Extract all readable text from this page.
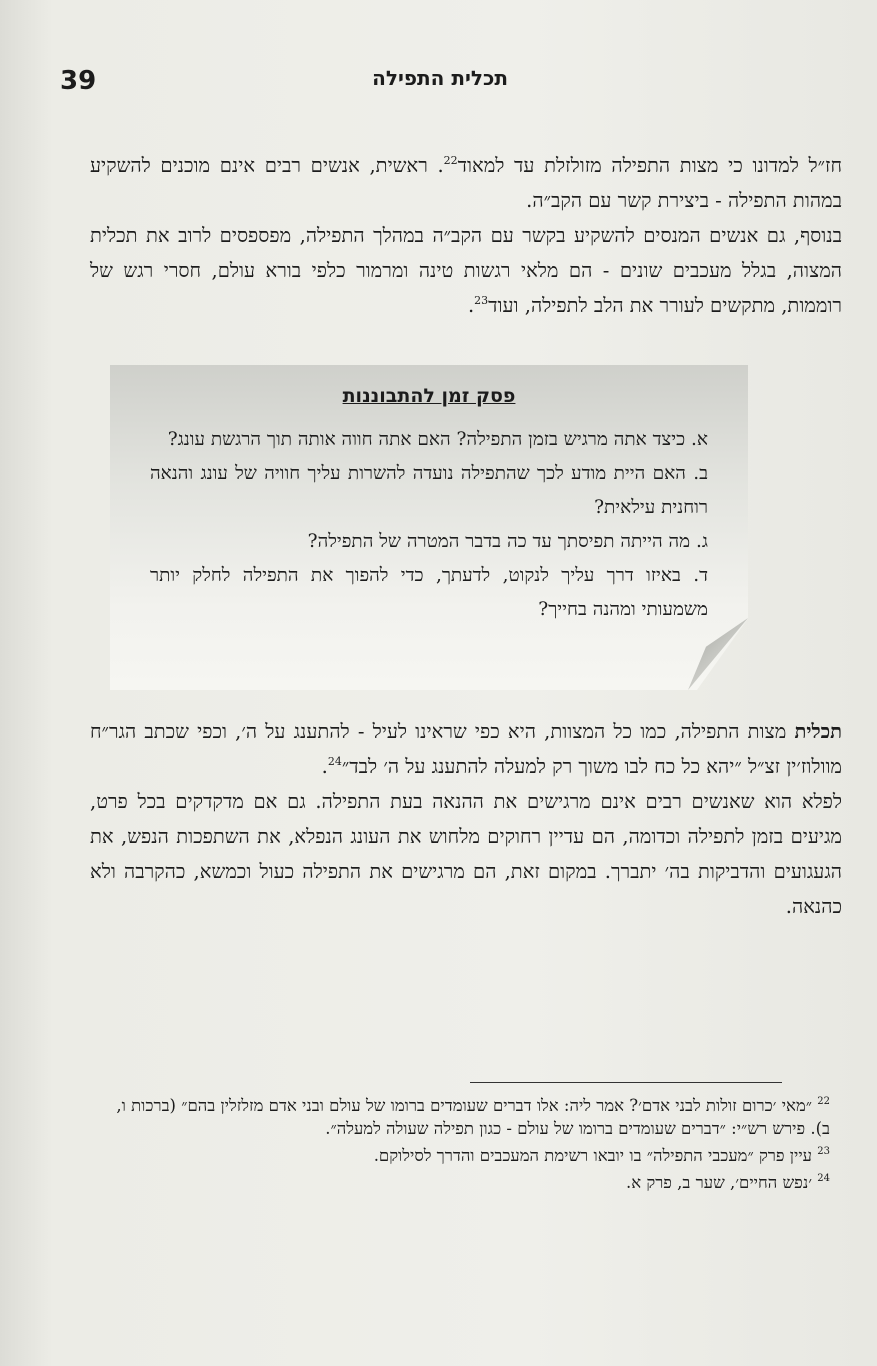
39	תכלית התפילה

חז״ל למדונו כי מצות התפילה מזולזלת עד למאוד$^{22}$. ראשית, אנשים רבים אינם מוכנים להשקיע במהות התפילה - ביצירת קשר עם הקב״ה.

בנוסף, גם אנשים המנסים להשקיע בקשר עם הקב״ה במהלך התפילה, מפספסים לרוב את תכלית המצוה, בגלל מעכבים שונים - הם מלאי רגשות טינה ומרמור כלפי בורא עולם, חסרי רגש של רוממות, מתקשים לעורר את הלב לתפילה, ועוד$^{23}$.

פסק זמן להתבוננות
א. כיצד אתה מרגיש בזמן התפילה? האם אתה חווה אותה תוך הרגשת עונג?
ב. האם היית מודע לכך שהתפילה נועדה להשרות עליך חוויה של עונג והנאה רוחנית עילאית?
ג. מה הייתה תפיסתך עד כה בדבר המטרה של התפילה?
ד. באיזו דרך עליך לנקוט, לדעתך, כדי להפוך את התפילה לחלק יותר משמעותי ומהנה בחייך?

תכלית מצות התפילה, כמו כל המצוות, היא כפי שראינו לעיל - להתענג על ה׳, וכפי שכתב הגר״ח מוולוז׳ין זצ״ל ״יהא כל כח לבו משוך רק למעלה להתענג על ה׳ לבד״$^{24}$.

לפלא הוא שאנשים רבים אינם מרגישים את ההנאה בעת התפילה. גם אם מדקדקים בכל פרט, מגיעים בזמן לתפילה וכדומה, הם עדיין רחוקים מלחוש את העונג הנפלא, את השתפכות הנפש, את הגעגועים והדביקות בה׳ יתברך. במקום זאת, הם מרגישים את התפילה כעול וכמשא, כהקרבה ולא כהנאה.

$^{22}$ ״מאי ׳כרום זולות לבני אדם׳? אמר ליה: אלו דברים שעומדים ברומו של עולם ובני אדם מזלזלין בהם״ (ברכות ו, ב). פירש רש״י: ״דברים שעומדים ברומו של עולם - כגון תפילה שעולה למעלה״.
$^{23}$ עיין פרק ״מעכבי התפילה״ בו יובאו רשימת המעכבים והדרך לסילוקם.
$^{24}$ ׳נפש החיים׳, שער ב, פרק א.
